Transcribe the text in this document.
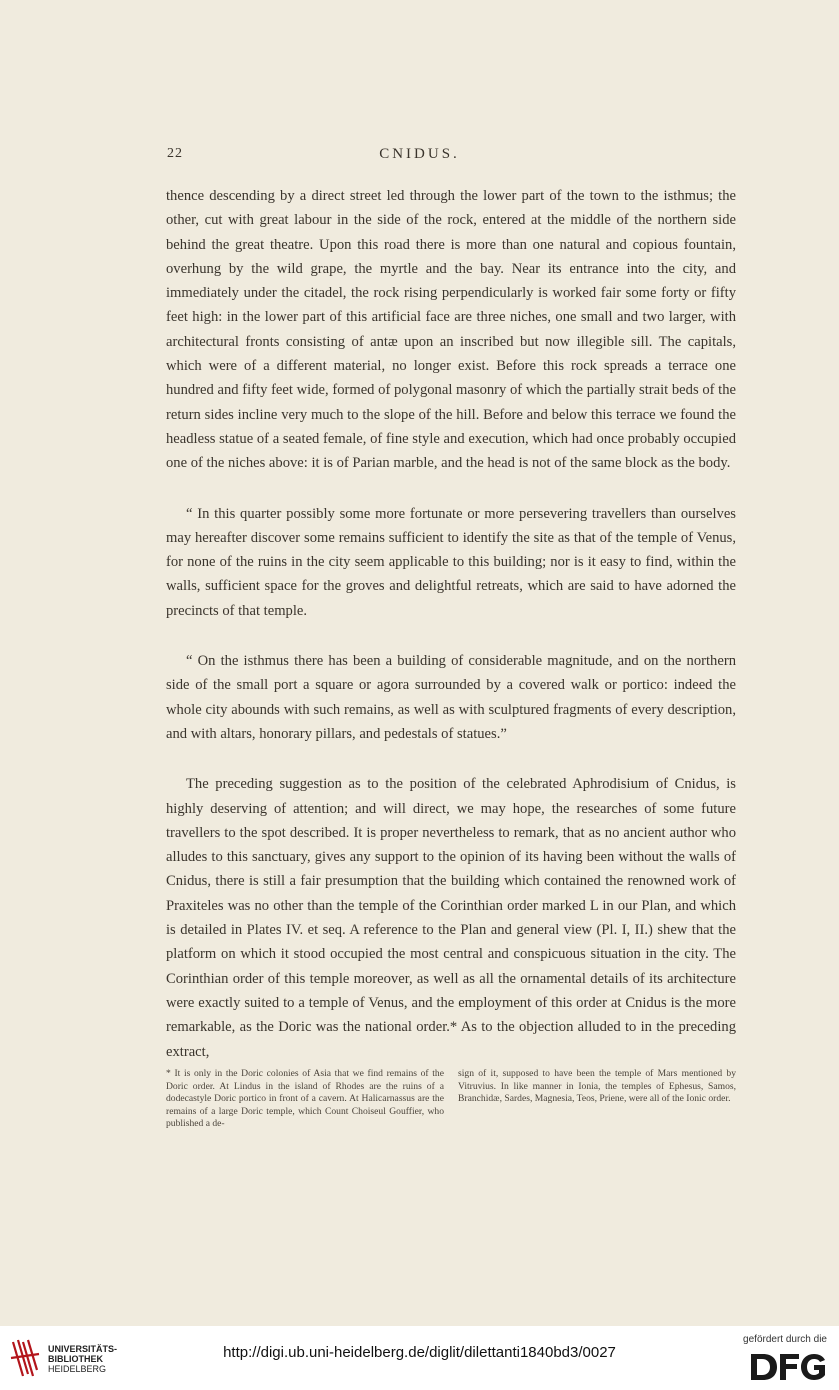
22	CNIDUS.

thence descending by a direct street led through the lower part of the town to the isthmus; the other, cut with great labour in the side of the rock, entered at the middle of the northern side behind the great theatre. Upon this road there is more than one natural and copious fountain, overhung by the wild grape, the myrtle and the bay. Near its entrance into the city, and immediately under the citadel, the rock rising perpendicularly is worked fair some forty or fifty feet high: in the lower part of this artificial face are three niches, one small and two larger, with architectural fronts consisting of antæ upon an inscribed but now illegible sill. The capitals, which were of a different material, no longer exist. Before this rock spreads a terrace one hundred and fifty feet wide, formed of polygonal masonry of which the partially strait beds of the return sides incline very much to the slope of the hill. Before and below this terrace we found the headless statue of a seated female, of fine style and execution, which had once probably occupied one of the niches above: it is of Parian marble, and the head is not of the same block as the body.

“ In this quarter possibly some more fortunate or more persevering travellers than ourselves may hereafter discover some remains sufficient to identify the site as that of the temple of Venus, for none of the ruins in the city seem applicable to this building; nor is it easy to find, within the walls, sufficient space for the groves and delightful retreats, which are said to have adorned the precincts of that temple.

“ On the isthmus there has been a building of considerable magnitude, and on the northern side of the small port a square or agora surrounded by a covered walk or portico: indeed the whole city abounds with such remains, as well as with sculptured fragments of every description, and with altars, honorary pillars, and pedestals of statues.”

The preceding suggestion as to the position of the celebrated Aphrodisium of Cnidus, is highly deserving of attention; and will direct, we may hope, the researches of some future travellers to the spot described. It is proper nevertheless to remark, that as no ancient author who alludes to this sanctuary, gives any support to the opinion of its having been without the walls of Cnidus, there is still a fair presumption that the building which contained the renowned work of Praxiteles was no other than the temple of the Corinthian order marked L in our Plan, and which is detailed in Plates IV. et seq. A reference to the Plan and general view (Pl. I, II.) shew that the platform on which it stood occupied the most central and conspicuous situation in the city. The Corinthian order of this temple moreover, as well as all the ornamental details of its architecture were exactly suited to a temple of Venus, and the employment of this order at Cnidus is the more remarkable, as the Doric was the national order.* As to the objection alluded to in the preceding extract,

* It is only in the Doric colonies of Asia that we find remains of the Doric order. At Lindus in the island of Rhodes are the ruins of a dodecastyle Doric portico in front of a cavern. At Halicarnassus are the remains of a large Doric temple, which Count Choiseul Gouffier, who published a de-
sign of it, supposed to have been the temple of Mars mentioned by Vitruvius. In like manner in Ionia, the temples of Ephesus, Samos, Branchidæ, Sardes, Magnesia, Teos, Priene, were all of the Ionic order.
UNIVERSITÄTS-
BIBLIOTHEK
HEIDELBERG
http://digi.ub.uni-heidelberg.de/diglit/dilettanti1840bd3/0027
gefördert durch die
